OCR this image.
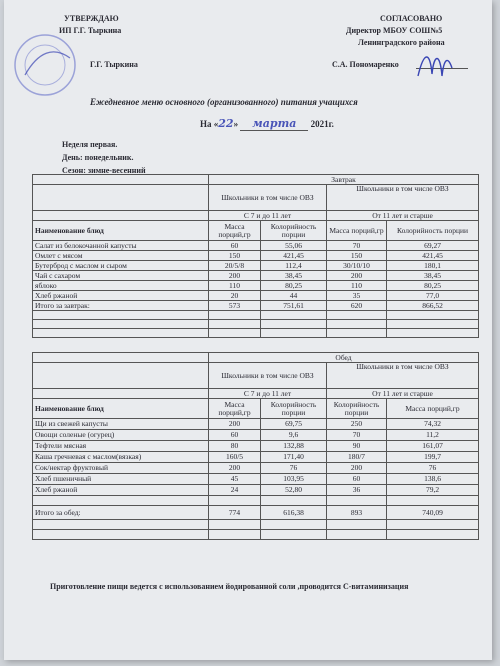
УТВЕРЖДАЮ
ИП Г.Г. Тыркина
Г.Г. Тыркина
СОГЛАСОВАНО
Директор МБОУ СОШ№5
Ленинградского района
С.А. Пономаренко
Ежедневное меню основного (организованного) питания учащихся
На «22» марта 2021г.
Неделя первая.
День: понедельник.
Сезон: зимне-весенний
	Завтрак			
	Школьники в том числе ОВЗ		Школьники в том числе ОВЗ	
	С 7 и до 11 лет		От 11 лет и старше	
Наименование блюд	Масса порций,гр	Колорийность порции	Масса порций,гр	Колорийность порции
Салат из белокочанной капусты	60	55,06	70	69,27
Омлет с мясом	150	421,45	150	421,45
Бутерброд с маслом и сыром	20/5/8	112,4	30/10/10	180,1
Чай с сахаром	200	38,45	200	38,45
яблоко	110	80,25	110	80,25
Хлеб ржаной	20	44	35	77,0
Итого за завтрак:	573	751,61	620	866,52

	Обед			
	Школьники в том числе ОВЗ		Школьники в том числе ОВЗ	
	С 7 и до 11 лет		От 11 лет и старше	
Наименование блюд	Масса порций,гр	Колорийность порции	Колорийность порции	Масса порций,гр
Щи из свежей капусты	200	69,75	250	74,32
Овощи соленые (огурец)	60	9,6	70	11,2
Тефтели мясная	80	132,88	90	161,07
Каша гречневая с маслом(вязкая)	160/5	171,40	180/7	199,7
Сок/нектар фруктовый	200	76	200	76
Хлеб пшеничный	45	103,95	60	138,6
Хлеб ржаной	24	52,80	36	79,2

Итого за обед:	774	616,38	893	740,09

Приготовление пищи ведется с использованием йодированной соли ,проводится С-витаминизация
